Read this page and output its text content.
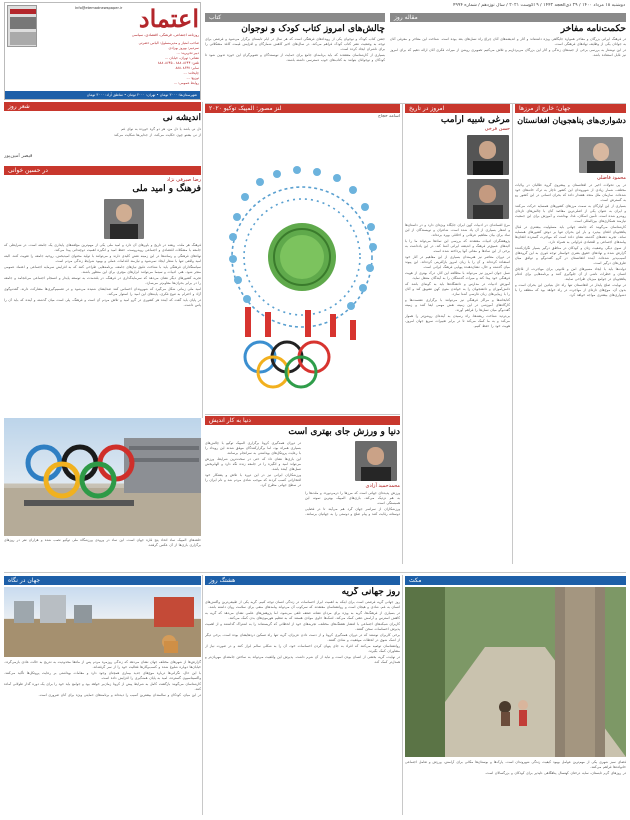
دوشنبه ۱۸ مرداد ۱۴۰۰ / ۲۹ ذی‌الحجه ۱۴۴۲ / ۹ آگوست ۲۰۲۱ / سال نوزدهم / شماره ۴۹۹۴
اعتماد
Info@etemadnewspaper.ir
روزنامه اجتماعی، فرهنگی، اقتصادی، سیاسی
صاحب امتیاز و مدیرمسئول: الیاس حضرتی
سردبیر: بهروز بهزادی
دبیر تحریریه: ...
نشانی: تهران، خیابان ...
تلفن: ۸۸۸۰۸۶۴۴ - ۸۸۸۰۸۶۴۵
نمابر: ۸۸۸۰۸۶۴۷
چاپخانه: ...
توزیع: ...
روابط عمومی: ...
شهرستان‌ها: ۳۰۰۰ تومان • تهران: ۲۰۰۰ تومان • مناطق آزاد: ۳۰۰۰ تومان
کتاب
چالش‌های امروز کتاب کودک و نوجوان

جشن کتاب کودک و نوجوان یکی از رویدادهای فرهنگی است که هر سال در ایام تابستان برگزار می‌شود و فرصتی برای توجه به وضعیت نشر کتاب کودک فراهم می‌کند. در سال‌های اخیر کاهش شمارگان و افزایش قیمت کاغذ مشکلاتی را برای ناشران ایجاد کرده است.

بسیاری از کارشناسان معتقدند که باید برنامه‌ای جامع برای حمایت از نویسندگان و تصویرگران این حوزه تدوین شود تا کودکان و نوجوانان بتوانند به کتاب‌های خوب دسترسی داشته باشند.

مقاله روز
حکمت‌نامه مفاخر

در فرهنگ ایرانی بزرگان و مفاخر همواره جایگاهی ویژه داشته‌اند و آثار و اندیشه‌های آنان چراغ راه نسل‌های بعد بوده است. شناخت این مفاخر و معرفی آنان به جوانان یکی از وظایف نهادهای فرهنگی است.

در این نوشتار به بررسی برخی از جنبه‌های زندگی و آثار این بزرگان می‌پردازیم و تلاش می‌کنیم تصویری روشن از میراث فکری آنان ارائه دهیم که برای امروز نیز قابل استفاده باشد.

جهان؛ خارج از مرزها
دشواری‌های پناهجویان افغانستان
محمود فاضلی

در پی تحولات اخیر در افغانستان و پیشروی گروه طالبان در ولایات مختلف، شمار زیادی از شهروندان این کشور ناچار به ترک خانه‌های خود شده‌اند. سازمان ملل متحد هشدار داده که بحران انسانی در این کشور رو به گسترش است.

بسیاری از این آوارگان به سمت مرزهای کشورهای همسایه حرکت می‌کنند و ایران به عنوان یکی از اصلی‌ترین مقاصد آنان با چالش‌های تازه‌ای روبه‌رو شده است. تأمین اسکان، غذا، بهداشت و آموزش برای این جمعیت نیازمند همکاری‌های بین‌المللی است.

کارشناسان می‌گویند که جامعه جهانی باید مسئولیت بیشتری در قبال پناهجویان افغان بپذیرد و بار این بحران تنها بر دوش کشورهای همسایه نماند. تجربه دهه‌های گذشته نشان داده است که مهاجرت گسترده افغان‌ها پیامدهای اجتماعی و اقتصادی فراوانی به همراه دارد.

از سوی دیگر، وضعیت زنان و کودکان در مناطق درگیر بسیار نگران‌کننده گزارش شده و نهادهای حقوق بشری خواستار توجه فوری به این گروه‌های آسیب‌پذیر شده‌اند. آینده افغانستان در گرو گفت‌وگو و توافق میان طرف‌های درگیر است.

دولت‌ها باید با ایجاد مسیرهای امن و قانونی برای مهاجرت، از قاچاق انسان و خطرات ناشی از آن جلوگیری کنند و برنامه‌هایی برای ادغام پناهجویان در جوامع میزبان طراحی نمایند.

در نهایت، صلح پایدار در افغانستان تنها راه حل بنیادین این بحران است و بدون آن، موج‌های تازه‌ای از مهاجرت در راه خواهد بود که منطقه را با دشواری‌های بیشتری مواجه خواهد کرد.

امروز در تاریخ
مرغی شبیه ارامب
حسن فرخی

مرغ افسانه‌ای در ادبیات کهن ایران جایگاه ویژه‌ای دارد و در داستان‌ها و اشعار بسیاری از آن یاد شده است. شاعران و نویسندگان از این نماد برای بیان مفاهیم عرفانی و اخلاقی بهره برده‌اند.

پژوهشگران ادبیات معتقدند که بررسی این نمادها می‌تواند ما را با لایه‌های عمیق‌تر فرهنگ و اندیشه ایرانی آشنا کند. در این یادداشت به برخی از این نمادها و معانی آنها پرداخته شده است.

در دوران معاصر نیز هنرمندان بسیاری از این مفاهیم در آثار خود استفاده کرده‌اند و آن را با زبان امروز بازآفرینی کرده‌اند. این پیوند میان گذشته و حال، نشان‌دهنده پویایی فرهنگ ایرانی است.

نسل جوان امروز نیز می‌تواند با مطالعه این آثار، درک بهتری از هویت فرهنگی خود پیدا کند و میراث گذشتگان را به آیندگان منتقل نماید.

آموزش ادبیات در مدارس و دانشگاه‌ها باید به گونه‌ای باشد که دانش‌آموزان و دانشجویان را به خواندن متون کهن تشویق کند و آنان را با زیبایی‌های زبان فارسی آشنا سازد.

کتابخانه‌ها و مراکز فرهنگی نیز می‌توانند با برگزاری نشست‌ها و کارگاه‌های آموزشی در این زمینه نقش مهمی ایفا کنند و زمینه گفت‌وگو میان نسل‌ها را فراهم آورند.

بی‌تردید شناخت ریشه‌ها، راه رسیدن به آینده‌ای روشن‌تر را هموار می‌کند و به ما کمک می‌کند تا در برابر تغییرات سریع جهان امروز، هویت خود را حفظ کنیم.

لنز مصور: المپیک توکیو ۲۰۲۰
اسامه حجاج
شعر روز
اندیشه نی

دل نی باشد یا دل من، هر دو گره خورده به نوای غم

از نی بشنو چون حکایت می‌کند، از جدایی‌ها شکایت می‌کند

قیصر امین‌پور
در حسین خوانی
رضا صیرفی نژاد
فرهنگ و امید ملی

فرهنگ هر ملت، ریشه در تاریخ و باورهای آن دارد و امید ملی یکی از مهم‌ترین مؤلفه‌های پایداری یک جامعه است. در شرایطی که جامعه با مشکلات اقتصادی و اجتماعی روبه‌روست، حفظ امید و انگیزه اهمیت دوچندانی پیدا می‌کند.

نهادهای فرهنگی و رسانه‌ها در این زمینه نقش کلیدی دارند و می‌توانند با تولید محتوای امیدبخش، روحیه جامعه را تقویت کنند. البته امید واقعی تنها با شعار ایجاد نمی‌شود و نیازمند اقدامات عملی و بهبود شرایط زندگی مردم است.

سیاستگذاران فرهنگی باید با شناخت دقیق نیازهای جامعه، برنامه‌هایی طراحی کنند که به افزایش سرمایه اجتماعی و اعتماد عمومی منجر شود. هنر، ادبیات و سینما می‌توانند ابزارهای مؤثری برای این منظور باشند.

تجربه کشورهای دیگر نشان می‌دهد که سرمایه‌گذاری در فرهنگ، در بلندمدت به توسعه پایدار و انسجام اجتماعی می‌انجامد و جامعه را در برابر بحران‌ها مقاوم‌تر می‌سازد.

امید ملی زمانی شکل می‌گیرد که شهروندان احساس کنند صدایشان شنیده می‌شود و در تصمیم‌گیری‌ها مشارکت دارند. گفت‌وگوی آزاد و احترام به تنوع فکری، پایه‌های این امید را استوار می‌کند.

در پایان باید گفت که آینده هر کشوری در گرو امید و تلاش مردم آن است و فرهنگ، پلی است میان گذشته و آینده که باید آن را پاس داشت.

دنیا به کار اندیش
دنیا و ورزش جای بهتری است
محمدحمید آزادی

ورزش پدیده‌ای جهانی است که مرزها را درمی‌نوردد و ملت‌ها را به هم نزدیک می‌کند. بازی‌های المپیک بهترین نمونه این همبستگی است.

ورزشکاران از سراسر جهان گرد هم می‌آیند تا در فضایی دوستانه رقابت کنند و پیام صلح و دوستی را به جهانیان برسانند.

در دوران همه‌گیری کرونا برگزاری المپیک توکیو با چالش‌های بسیاری همراه بود، اما برگزارکنندگان موفق شدند این رویداد را با رعایت پروتکل‌های بهداشتی به سرانجام برسانند.

این بازی‌ها نشان داد که حتی در سخت‌ترین شرایط، ورزش می‌تواند امید و انگیزه را در جامعه زنده نگه دارد و الهام‌بخش نسل‌های آینده باشد.

ورزشکاران ایرانی نیز در این دوره با تلاش و پشتکار خود افتخاراتی کسب کردند که موجب شادی مردم شد و نام ایران را در سطح جهانی مطرح کرد.

حلقه‌های المپیک نماد اتحاد پنج قاره جهان است. این نماد در ورودی ورزشگاه ملی توکیو نصب شده و هزاران نفر در روزهای برگزاری بازی‌ها از آن عکس گرفتند.

جهان در نگاه

گزارش‌ها از شهرهای مختلف جهان نشان می‌دهد که زندگی روزمره مردم پس از ماه‌ها محدودیت به تدریج به حالت عادی بازمی‌گردد. خیابان‌ها دوباره شلوغ شده و کسب‌وکارها فعالیت خود را از سر گرفته‌اند.

با این حال، نگرانی‌ها درباره موج‌های جدید بیماری همچنان وجود دارد و مقامات بهداشتی بر رعایت پروتکل‌ها تأکید می‌کنند. واکسیناسیون گسترده، امید به پایان همه‌گیری را افزایش داده است.

کارشناسان می‌گویند بازگشت کامل به شرایط پیش از کرونا زمان‌بر خواهد بود و جوامع باید خود را برای یک دوره گذار طولانی آماده کنند.

در این میان، کودکان و سالمندان بیشترین آسیب را دیده‌اند و برنامه‌های حمایتی ویژه برای آنان ضروری است.

هشتگ روز
روز جهانی گریه

روز جهانی گریه فرصتی است برای اینکه به اهمیت ابراز احساسات در زندگی انسان توجه کنیم. گریه یکی از طبیعی‌ترین واکنش‌های انسان به غم، شادی و هیجان است و روانشناسان معتقدند که سرکوب آن می‌تواند پیامدهای منفی برای سلامت روان داشته باشد.

در بسیاری از فرهنگ‌ها، گریه به ویژه برای مردان نشانه ضعف تلقی می‌شود، اما پژوهش‌های علمی نشان می‌دهد که گریه به کاهش استرس و آرامش ذهنی کمک می‌کند. اشک‌ها حاوی موادی هستند که به تنظیم هورمون‌های بدن کمک می‌کنند.

کاربران شبکه‌های اجتماعی با انتشار هشتگ‌های مختلف، تجربه‌های خود از لحظاتی که گریسته‌اند را به اشتراک گذاشتند و از اهمیت پذیرش احساسات سخن گفتند.

برخی کاربران نوشتند که در دوران همه‌گیری کرونا و از دست دادن عزیزان، گریه تنها راه تسکین دردهایشان بوده است. برخی دیگر از اشک شوق در لحظات موفقیت و شادی گفتند.

روانشناسان توصیه می‌کنند که افراد به جای پنهان کردن احساسات خود، آن را به شکلی سالم ابراز کنند و در صورت نیاز از مشاوران کمک بگیرند.

در نهایت، گریه بخشی از انسان بودن است و نباید از آن شرم داشت. پذیرش این واقعیت می‌تواند به ساختن جامعه‌ای مهربان‌تر و همدل‌تر کمک کند.

مکث

فضای سبز شهری یکی از مهم‌ترین عوامل بهبود کیفیت زندگی شهروندان است. پارک‌ها و بوستان‌ها مکانی برای آرامش، ورزش و تعامل اجتماعی خانواده‌ها فراهم می‌کنند.

در روزهای گرم تابستان، سایه درختان کهنسال پناهگاهی دلپذیر برای کودکان و بزرگسالان است.
